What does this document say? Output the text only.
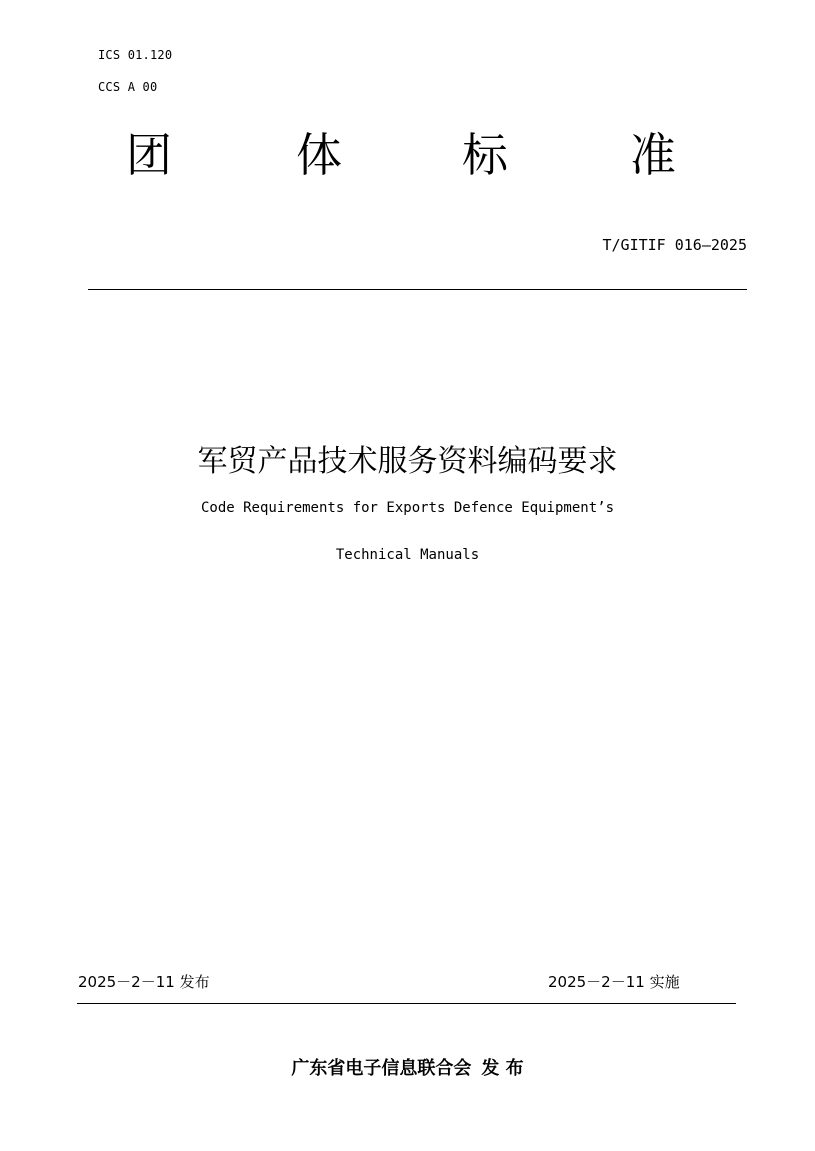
ICS 01.120
CCS A 00
团	体	标	准
T/GITIF 016—2025
军贸产品技术服务资料编码要求
Code Requirements for Exports Defence Equipment’s
Technical Manuals
2025－2－11 发布	2025－2－11 实施
广东省电子信息联合会 发 布
